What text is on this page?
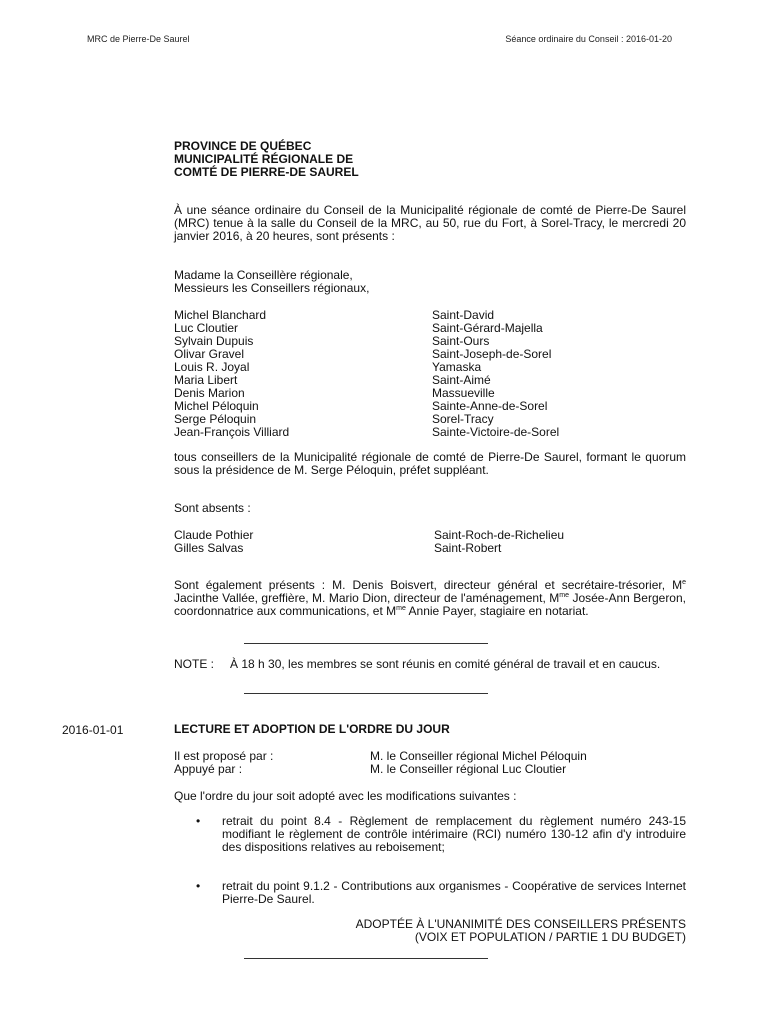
MRC de Pierre-De Saurel	Séance ordinaire du Conseil : 2016-01-20
PROVINCE DE QUÉBEC
MUNICIPALITÉ RÉGIONALE DE
COMTÉ DE PIERRE-DE SAUREL
À une séance ordinaire du Conseil de la Municipalité régionale de comté de Pierre-De Saurel (MRC) tenue à la salle du Conseil de la MRC, au 50, rue du Fort, à Sorel-Tracy, le mercredi 20 janvier 2016, à 20 heures, sont présents :
Madame la Conseillère régionale,
Messieurs les Conseillers régionaux,
Michel Blanchard	Saint-David
Luc Cloutier	Saint-Gérard-Majella
Sylvain Dupuis	Saint-Ours
Olivar Gravel	Saint-Joseph-de-Sorel
Louis R. Joyal	Yamaska
Maria Libert	Saint-Aimé
Denis Marion	Massueville
Michel Péloquin	Sainte-Anne-de-Sorel
Serge Péloquin	Sorel-Tracy
Jean-François Villiard	Sainte-Victoire-de-Sorel
tous conseillers de la Municipalité régionale de comté de Pierre-De Saurel, formant le quorum sous la présidence de M. Serge Péloquin, préfet suppléant.
Sont absents :
Claude Pothier	Saint-Roch-de-Richelieu
Gilles Salvas	Saint-Robert
Sont également présents : M. Denis Boisvert, directeur général et secrétaire-trésorier, Me Jacinthe Vallée, greffière, M. Mario Dion, directeur de l'aménagement, $M^{me}$ Josée-Ann Bergeron, coordonnatrice aux communications, et $M^{me}$ Annie Payer, stagiaire en notariat.
NOTE :	À 18 h 30, les membres se sont réunis en comité général de travail et en caucus.
2016-01-01	LECTURE ET ADOPTION DE L'ORDRE DU JOUR
Il est proposé par :	M. le Conseiller régional Michel Péloquin
Appuyé par :	M. le Conseiller régional Luc Cloutier
Que l'ordre du jour soit adopté avec les modifications suivantes :
•	retrait du point 8.4 - Règlement de remplacement du règlement numéro 243-15 modifiant le règlement de contrôle intérimaire (RCI) numéro 130-12 afin d'y introduire des dispositions relatives au reboisement;
•	retrait du point 9.1.2 - Contributions aux organismes - Coopérative de services Internet Pierre-De Saurel.
ADOPTÉE À L'UNANIMITÉ DES CONSEILLERS PRÉSENTS
(VOIX ET POPULATION / PARTIE 1 DU BUDGET)
